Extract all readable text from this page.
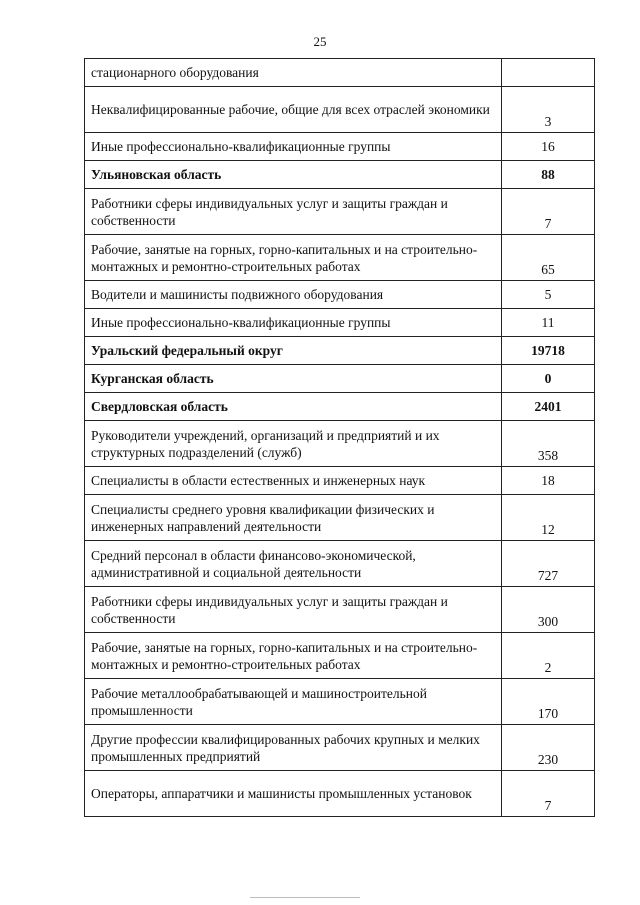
25
стационарного оборудования	
Неквалифицированные рабочие, общие для всех отраслей экономики	3
Иные профессионально-квалификационные группы	16
Ульяновская область	88
Работники сферы индивидуальных услуг и защиты граждан и собственности	7
Рабочие, занятые на горных, горно-капитальных и на строительно-монтажных и ремонтно-строительных работах	65
Водители и машинисты подвижного оборудования	5
Иные профессионально-квалификационные группы	11
Уральский федеральный округ	19718
Курганская область	0
Свердловская область	2401
Руководители учреждений, организаций и предприятий и их структурных подразделений (служб)	358
Специалисты в области естественных и инженерных наук	18
Специалисты среднего уровня квалификации физических и инженерных направлений деятельности	12
Средний персонал в области финансово-экономической, административной и социальной деятельности	727
Работники сферы индивидуальных услуг и защиты граждан и собственности	300
Рабочие, занятые на горных, горно-капитальных и на строительно-монтажных и ремонтно-строительных работах	2
Рабочие металлообрабатывающей и машиностроительной промышленности	170
Другие профессии квалифицированных рабочих крупных и мелких промышленных предприятий	230
Операторы, аппаратчики и машинисты промышленных установок	7
